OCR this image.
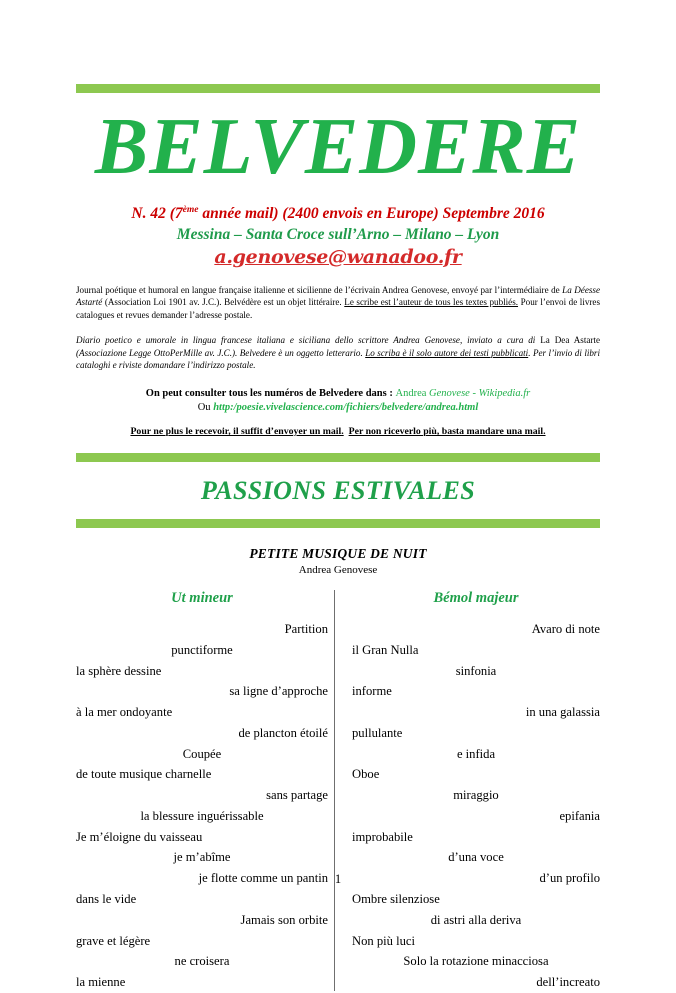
BELVEDERE
N. 42 (7ème année mail) (2400 envois en Europe) Septembre 2016
Messina – Santa Croce sull’Arno – Milano – Lyon
a.genovese@wanadoo.fr
Journal poétique et humoral en langue française italienne et sicilienne de l’écrivain Andrea Genovese, envoyé par l’intermédiaire de La Déesse Astarté (Association Loi 1901 av. J.C.). Belvédère est un objet littéraire. Le scribe est l’auteur de tous les textes publiés. Pour l’envoi de livres catalogues et revues demander l’adresse postale.
Diario poetico e umorale in lingua francese italiana e siciliana dello scrittore Andrea Genovese, inviato a cura di La Dea Astarte (Associazione Legge OttoPerMille av. J.C.). Belvedere è un oggetto letterario. Lo scriba è il solo autore dei testi pubblicati. Per l’invio di libri cataloghi e riviste domandare l’indirizzo postale.
On peut consulter tous les numéros de Belvedere dans : Andrea Genovese - Wikipedia.fr
Ou http:/poesie.vivelascience.com/fichiers/belvedere/andrea.html
Pour ne plus le recevoir, il suffit d’envoyer un mail. Per non riceverlo più, basta mandare una mail.
PASSIONS ESTIVALES
PETITE MUSIQUE DE NUIT
Andrea Genovese
Ut mineur
Partition
punctiforme
la sphère dessine
sa ligne d’approche
à la mer ondoyante
de plancton étoilé
Coupée
de toute musique charnelle
sans partage
la blessure inguérissable
Je m’éloigne du vaisseau
je m’abîme
je flotte comme un pantin
dans le vide
Jamais son orbite
grave et légère
ne croisera
la mienne
Bémol majeur
Avaro di note
il Gran Nulla
sinfonia
informe
in una galassia
pullulante
e infida
Oboe
miraggio
epifania
improbabile
d’una voce
d’un profilo
Ombre silenziose
di astri alla deriva
Non più luci
Solo la rotazione minacciosa
dell’increato
1
